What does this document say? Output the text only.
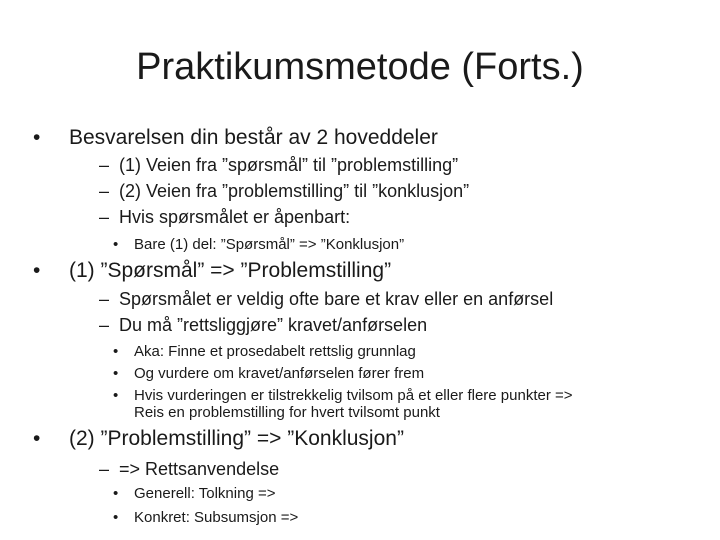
Praktikumsmetode (Forts.)
• Besvarelsen din består av 2 hoveddeler
– (1) Veien fra ”spørsmål” til ”problemstilling”
– (2) Veien fra ”problemstilling” til ”konklusjon”
– Hvis spørsmålet er åpenbart:
• Bare (1) del: ”Spørsmål” => ”Konklusjon”
• (1) ”Spørsmål” => ”Problemstilling”
– Spørsmålet er veldig ofte bare et krav eller en anførsel
– Du må ”rettsliggjøre” kravet/anførselen
• Aka: Finne et prosedabelt rettslig grunnlag
• Og vurdere om kravet/anførselen fører frem
• Hvis vurderingen er tilstrekkelig tvilsom på et eller flere punkter =>
Reis en problemstilling for hvert tvilsomt punkt
• (2) ”Problemstilling” => ”Konklusjon”
– => Rettsanvendelse
• Generell: Tolkning =>
• Konkret: Subsumsjon =>
